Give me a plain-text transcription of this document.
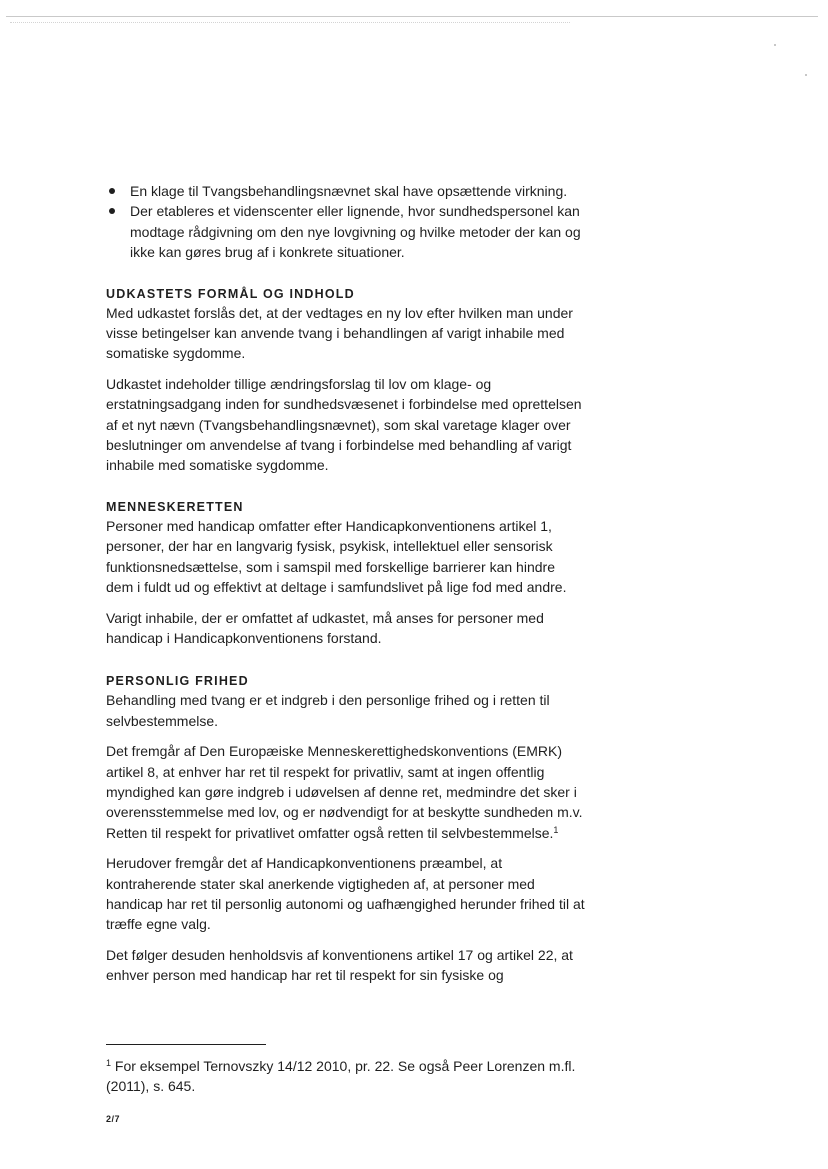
En klage til Tvangsbehandlingsnævnet skal have opsættende virkning.
Der etableres et videnscenter eller lignende, hvor sundhedspersonel kan modtage rådgivning om den nye lovgivning og hvilke metoder der kan og ikke kan gøres brug af i konkrete situationer.
UDKASTETS FORMÅL OG INDHOLD

Med udkastet forslås det, at der vedtages en ny lov efter hvilken man under visse betingelser kan anvende tvang i behandlingen af varigt inhabile med somatiske sygdomme.

Udkastet indeholder tillige ændringsforslag til lov om klage- og erstatningsadgang inden for sundhedsvæsenet i forbindelse med oprettelsen af et nyt nævn (Tvangsbehandlingsnævnet), som skal varetage klager over beslutninger om anvendelse af tvang i forbindelse med behandling af varigt inhabile med somatiske sygdomme.

MENNESKERETTEN

Personer med handicap omfatter efter Handicapkonventionens artikel 1, personer, der har en langvarig fysisk, psykisk, intellektuel eller sensorisk funktionsnedsættelse, som i samspil med forskellige barrierer kan hindre dem i fuldt ud og effektivt at deltage i samfundslivet på lige fod med andre.

Varigt inhabile, der er omfattet af udkastet, må anses for personer med handicap i Handicapkonventionens forstand.

PERSONLIG FRIHED

Behandling med tvang er et indgreb i den personlige frihed og i retten til selvbestemmelse.

Det fremgår af Den Europæiske Menneskerettighedskonventions (EMRK) artikel 8, at enhver har ret til respekt for privatliv, samt at ingen offentlig myndighed kan gøre indgreb i udøvelsen af denne ret, medmindre det sker i overensstemmelse med lov, og er nødvendigt for at beskytte sundheden m.v. Retten til respekt for privatlivet omfatter også retten til selvbestemmelse.$^1$

Herudover fremgår det af Handicapkonventionens præambel, at kontraherende stater skal anerkende vigtigheden af, at personer med handicap har ret til personlig autonomi og uafhængighed herunder frihed til at træffe egne valg.

Det følger desuden henholdsvis af konventionens artikel 17 og artikel 22, at enhver person med handicap har ret til respekt for sin fysiske og

$^1$ For eksempel Ternovszky 14/12 2010, pr. 22. Se også Peer Lorenzen m.fl. (2011), s. 645.
2/7
